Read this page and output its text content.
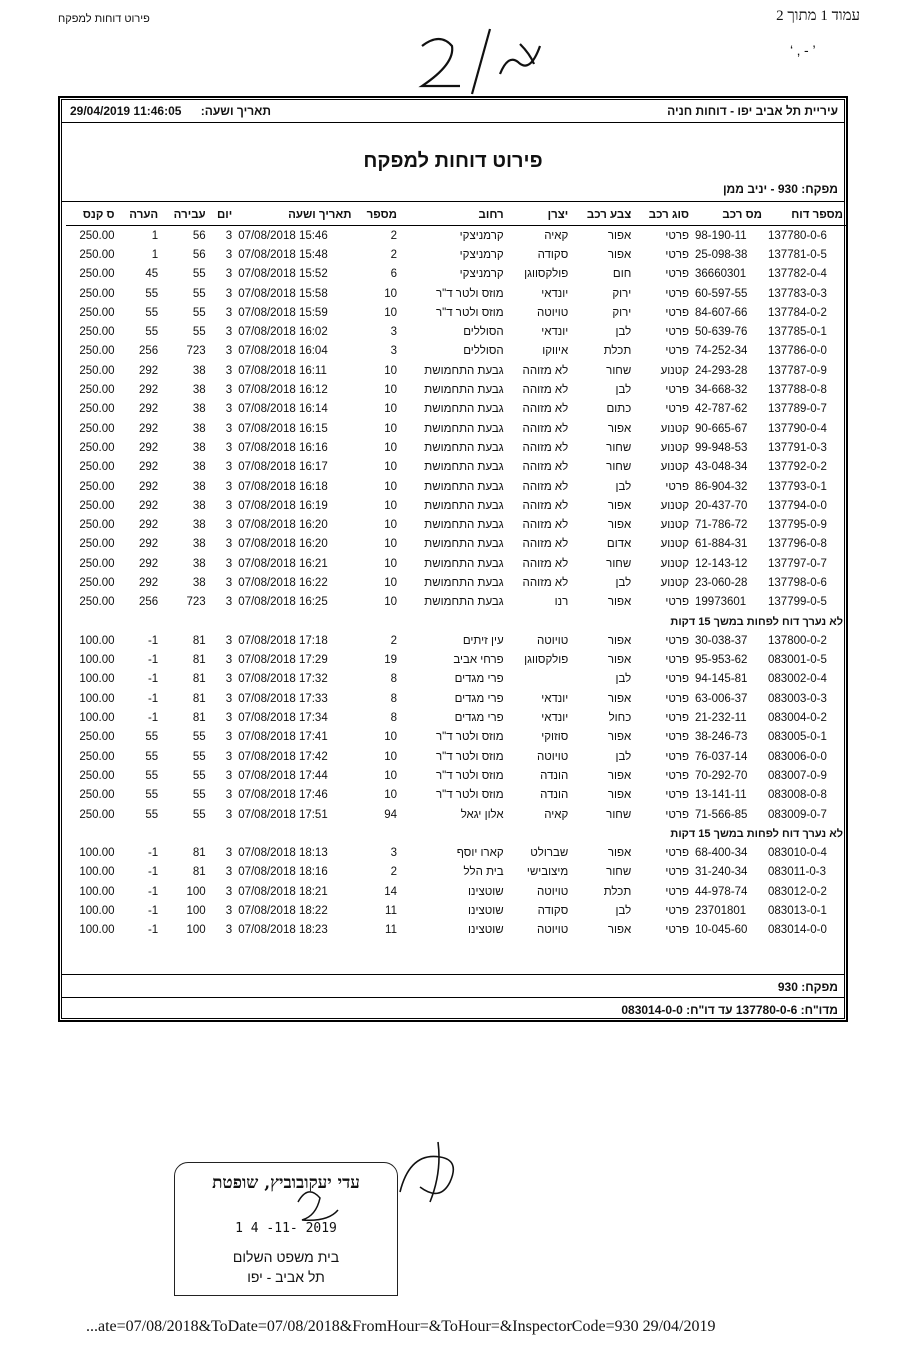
עמוד 1 מתוך 2
פירוט דוחות למפקח
‘ ‚ ‑ ’
עיריית תל אביב יפו - דוחות חניה
תאריך ושעה: 29/04/2019 11:46:05
פירוט דוחות למפקח
מפקח: 930 - יניב ממן
מספר דוח	מס רכב	סוג רכב	צבע רכב	יצרן	רחוב	מספר	תאריך ושעה	יום	עבירה	הערה	ס קנס
137780-0-6	98-190-11	פרטי	אפור	קאיה	קרמניצקי	2	07/08/2018 15:46	3	56	1	250.00
137781-0-5	25-098-38	פרטי	אפור	סקודה	קרמניצקי	2	07/08/2018 15:48	3	56	1	250.00
137782-0-4	36660301	פרטי	חום	פולקסווגן	קרמניצקי	6	07/08/2018 15:52	3	55	45	250.00
137783-0-3	60-597-55	פרטי	ירוק	יונדאי	מוזס ולטר ד"ר	10	07/08/2018 15:58	3	55	55	250.00
137784-0-2	84-607-66	פרטי	ירוק	טויוטה	מוזס ולטר ד"ר	10	07/08/2018 15:59	3	55	55	250.00
137785-0-1	50-639-76	פרטי	לבן	יונדאי	הסוללים	3	07/08/2018 16:02	3	55	55	250.00
137786-0-0	74-252-34	פרטי	תכלת	איווקו	הסוללים	3	07/08/2018 16:04	3	723	256	250.00
137787-0-9	24-293-28	קטנוע	שחור	לא מזוהה	גבעת התחמושת	10	07/08/2018 16:11	3	38	292	250.00
137788-0-8	34-668-32	פרטי	לבן	לא מזוהה	גבעת התחמושת	10	07/08/2018 16:12	3	38	292	250.00
137789-0-7	42-787-62	פרטי	כתום	לא מזוהה	גבעת התחמושת	10	07/08/2018 16:14	3	38	292	250.00
137790-0-4	90-665-67	קטנוע	אפור	לא מזוהה	גבעת התחמושת	10	07/08/2018 16:15	3	38	292	250.00
137791-0-3	99-948-53	קטנוע	שחור	לא מזוהה	גבעת התחמושת	10	07/08/2018 16:16	3	38	292	250.00
137792-0-2	43-048-34	קטנוע	שחור	לא מזוהה	גבעת התחמושת	10	07/08/2018 16:17	3	38	292	250.00
137793-0-1	86-904-32	פרטי	לבן	לא מזוהה	גבעת התחמושת	10	07/08/2018 16:18	3	38	292	250.00
137794-0-0	20-437-70	קטנוע	אפור	לא מזוהה	גבעת התחמושת	10	07/08/2018 16:19	3	38	292	250.00
137795-0-9	71-786-72	קטנוע	אפור	לא מזוהה	גבעת התחמושת	10	07/08/2018 16:20	3	38	292	250.00
137796-0-8	61-884-31	קטנוע	אדום	לא מזוהה	גבעת התחמושת	10	07/08/2018 16:20	3	38	292	250.00
137797-0-7	12-143-12	קטנוע	שחור	לא מזוהה	גבעת התחמושת	10	07/08/2018 16:21	3	38	292	250.00
137798-0-6	23-060-28	קטנוע	לבן	לא מזוהה	גבעת התחמושת	10	07/08/2018 16:22	3	38	292	250.00
137799-0-5	19973601	פרטי	אפור	רנו	גבעת התחמושת	10	07/08/2018 16:25	3	723	256	250.00
לא נערך דוח לפחות במשך 15 דקות											
137800-0-2	30-038-37	פרטי	אפור	טויוטה	עין זיתים	2	07/08/2018 17:18	3	81	1-	100.00
083001-0-5	95-953-62	פרטי	אפור	פולקסווגן	פרחי אביב	19	07/08/2018 17:29	3	81	1-	100.00
083002-0-4	94-145-81	פרטי	לבן		פרי מגדים	8	07/08/2018 17:32	3	81	1-	100.00
083003-0-3	63-006-37	פרטי	אפור	יונדאי	פרי מגדים	8	07/08/2018 17:33	3	81	1-	100.00
083004-0-2	21-232-11	פרטי	כחול	יונדאי	פרי מגדים	8	07/08/2018 17:34	3	81	1-	100.00
083005-0-1	38-246-73	פרטי	אפור	סוזוקי	מוזס ולטר ד"ר	10	07/08/2018 17:41	3	55	55	250.00
083006-0-0	76-037-14	פרטי	לבן	טויוטה	מוזס ולטר ד"ר	10	07/08/2018 17:42	3	55	55	250.00
083007-0-9	70-292-70	פרטי	אפור	הונדה	מוזס ולטר ד"ר	10	07/08/2018 17:44	3	55	55	250.00
083008-0-8	13-141-11	פרטי	אפור	הונדה	מוזס ולטר ד"ר	10	07/08/2018 17:46	3	55	55	250.00
083009-0-7	71-566-85	פרטי	שחור	קאיה	אלון יגאל	94	07/08/2018 17:51	3	55	55	250.00
לא נערך דוח לפחות במשך 15 דקות											
083010-0-4	68-400-34	פרטי	אפור	שברולט	קארו יוסף	3	07/08/2018 18:13	3	81	1-	100.00
083011-0-3	31-240-34	פרטי	שחור	מיצובישי	בית הלל	2	07/08/2018 18:16	3	81	1-	100.00
083012-0-2	44-978-74	פרטי	תכלת	טויוטה	שוטצינו	14	07/08/2018 18:21	3	100	1-	100.00
083013-0-1	23701801	פרטי	לבן	סקודה	שוטצינו	11	07/08/2018 18:22	3	100	1-	100.00
083014-0-0	10-045-60	פרטי	אפור	טויוטה	שוטצינו	11	07/08/2018 18:23	3	100	1-	100.00
מפקח: 930
מדו"ח: 137780-0-6 עד דו"ח: 083014-0-0
עדי יעקובוביץ, שופטת
1 4 -11- 2019
בית משפט השלום
תל אביב - יפו
...ate=07/08/2018&ToDate=07/08/2018&FromHour=&ToHour=&InspectorCode=930 29/04/2019
